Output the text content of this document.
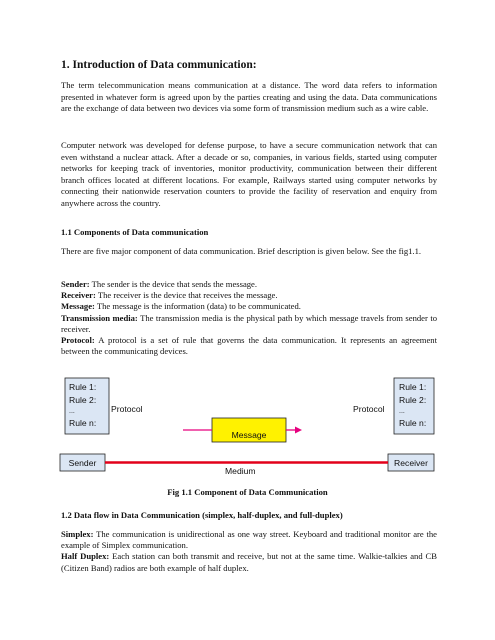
1. Introduction of Data communication:

The term telecommunication means communication at a distance. The word data refers to information presented in whatever form is agreed upon by the parties creating and using the data. Data communications are the exchange of data between two devices via some form of transmission medium such as a wire cable.

Computer network was developed for defense purpose, to have a secure communication network that can even withstand a nuclear attack. After a decade or so, companies, in various fields, started using computer networks for keeping track of inventories, monitor productivity, communication between their different branch offices located at different locations. For example, Railways started using computer networks by connecting their nationwide reservation counters to provide the facility of reservation and enquiry from anywhere across the country.

1.1 Components of Data communication

There are five major component of data communication. Brief description is given below. See the fig1.1.

Sender: The sender is the device that sends the message.
Receiver: The receiver is the device that receives the message.
Message: The message is the information (data) to be communicated.
Transmission media: The transmission media is the physical path by which message travels from sender to receiver.
Protocol: A protocol is a set of rule that governs the data communication. It represents an agreement between the communicating devices.
Rule 1:
Rule 2:
...
Rule n:
Rule 1:
Rule 2:
...
Rule n:
Protocol	Protocol
Message
Sender	Receiver
Medium
Fig 1.1 Component of Data Communication
1.2 Data flow in Data Communication (simplex, half-duplex, and full-duplex)
Simplex: The communication is unidirectional as one way street. Keyboard and traditional monitor are the example of Simplex communication.
Half Duplex: Each station can both transmit and receive, but not at the same time. Walkie-talkies and CB (Citizen Band) radios are both example of half duplex.
